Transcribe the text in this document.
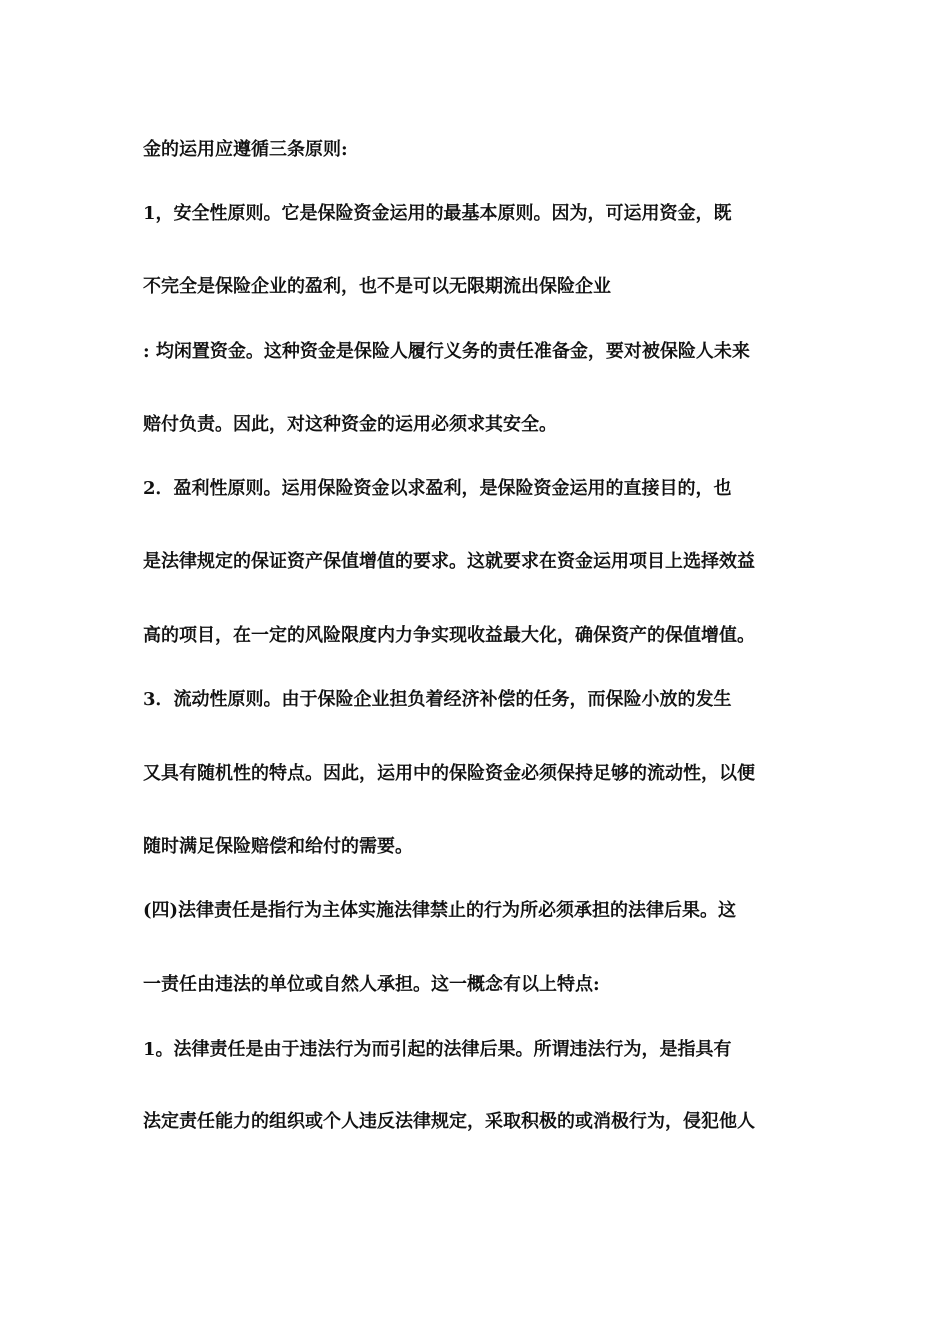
金的运用应遵循三条原则:
1，安全性原则。它是保险资金运用的最基本原则。因为，可运用资金，既
不完全是保险企业的盈利，也不是可以无限期流出保险企业
: 均闲置资金。这种资金是保险人履行义务的责任准备金，要对被保险人未来
赔付负责。因此，对这种资金的运用必须求其安全。
2．盈利性原则。运用保险资金以求盈利，是保险资金运用的直接目的，也
是法律规定的保证资产保值增值的要求。这就要求在资金运用项目上选择效益
高的项目，在一定的风险限度内力争实现收益最大化，确保资产的保值增值。
3．流动性原则。由于保险企业担负着经济补偿的任务，而保险小放的发生
又具有随机性的特点。因此，运用中的保险资金必须保持足够的流动性，以便
随时满足保险赔偿和给付的需要。
(四)法律责任是指行为主体实施法律禁止的行为所必须承担的法律后果。这
一责任由违法的单位或自然人承担。这一概念有以上特点:
1。法律责任是由于违法行为而引起的法律后果。所谓违法行为，是指具有
法定责任能力的组织或个人违反法律规定，采取积极的或消极行为，侵犯他人
